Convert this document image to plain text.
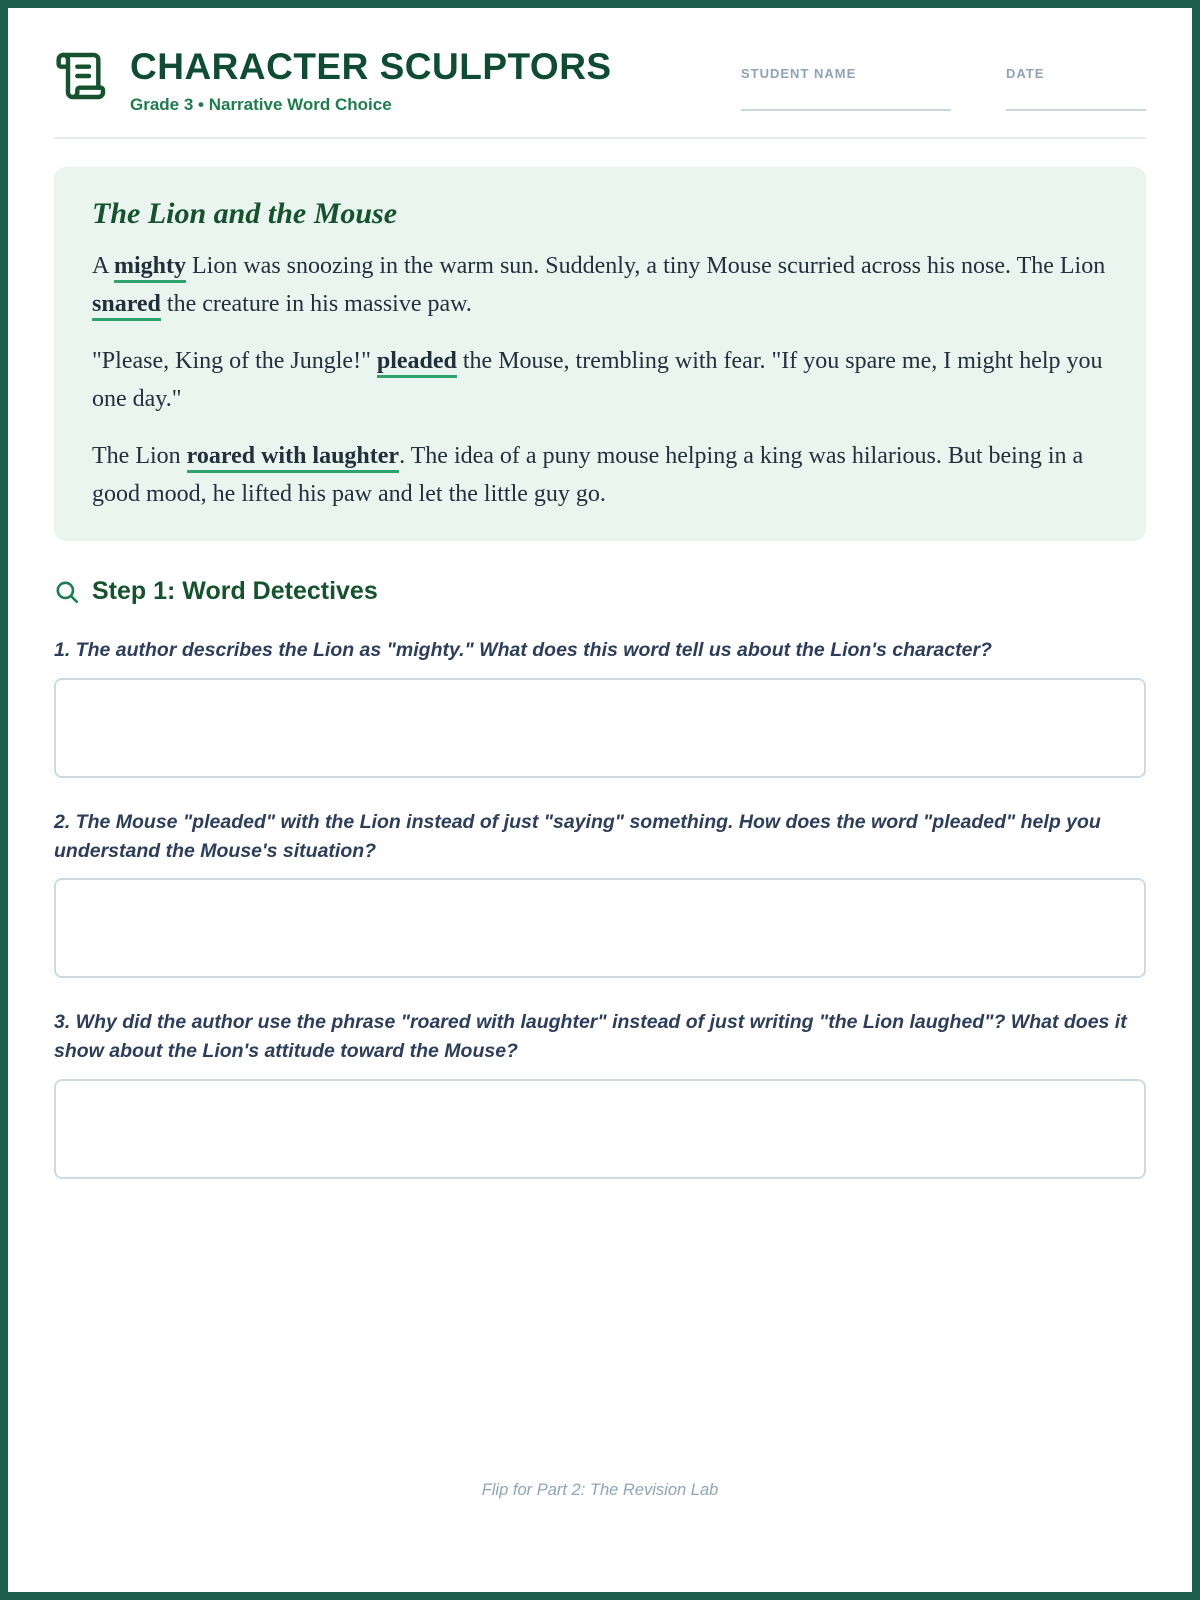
CHARACTER SCULPTORS
Grade 3 • Narrative Word Choice
STUDENT NAME	DATE
The Lion and the Mouse

A mighty Lion was snoozing in the warm sun. Suddenly, a tiny Mouse scurried across his nose. The Lion snared the creature in his massive paw.

"Please, King of the Jungle!" pleaded the Mouse, trembling with fear. "If you spare me, I might help you one day."

The Lion roared with laughter. The idea of a puny mouse helping a king was hilarious. But being in a good mood, he lifted his paw and let the little guy go.

Step 1: Word Detectives

1. The author describes the Lion as "mighty." What does this word tell us about the Lion's character?

2. The Mouse "pleaded" with the Lion instead of just "saying" something. How does the word "pleaded" help you understand the Mouse's situation?

3. Why did the author use the phrase "roared with laughter" instead of just writing "the Lion laughed"? What does it show about the Lion's attitude toward the Mouse?

Flip for Part 2: The Revision Lab
